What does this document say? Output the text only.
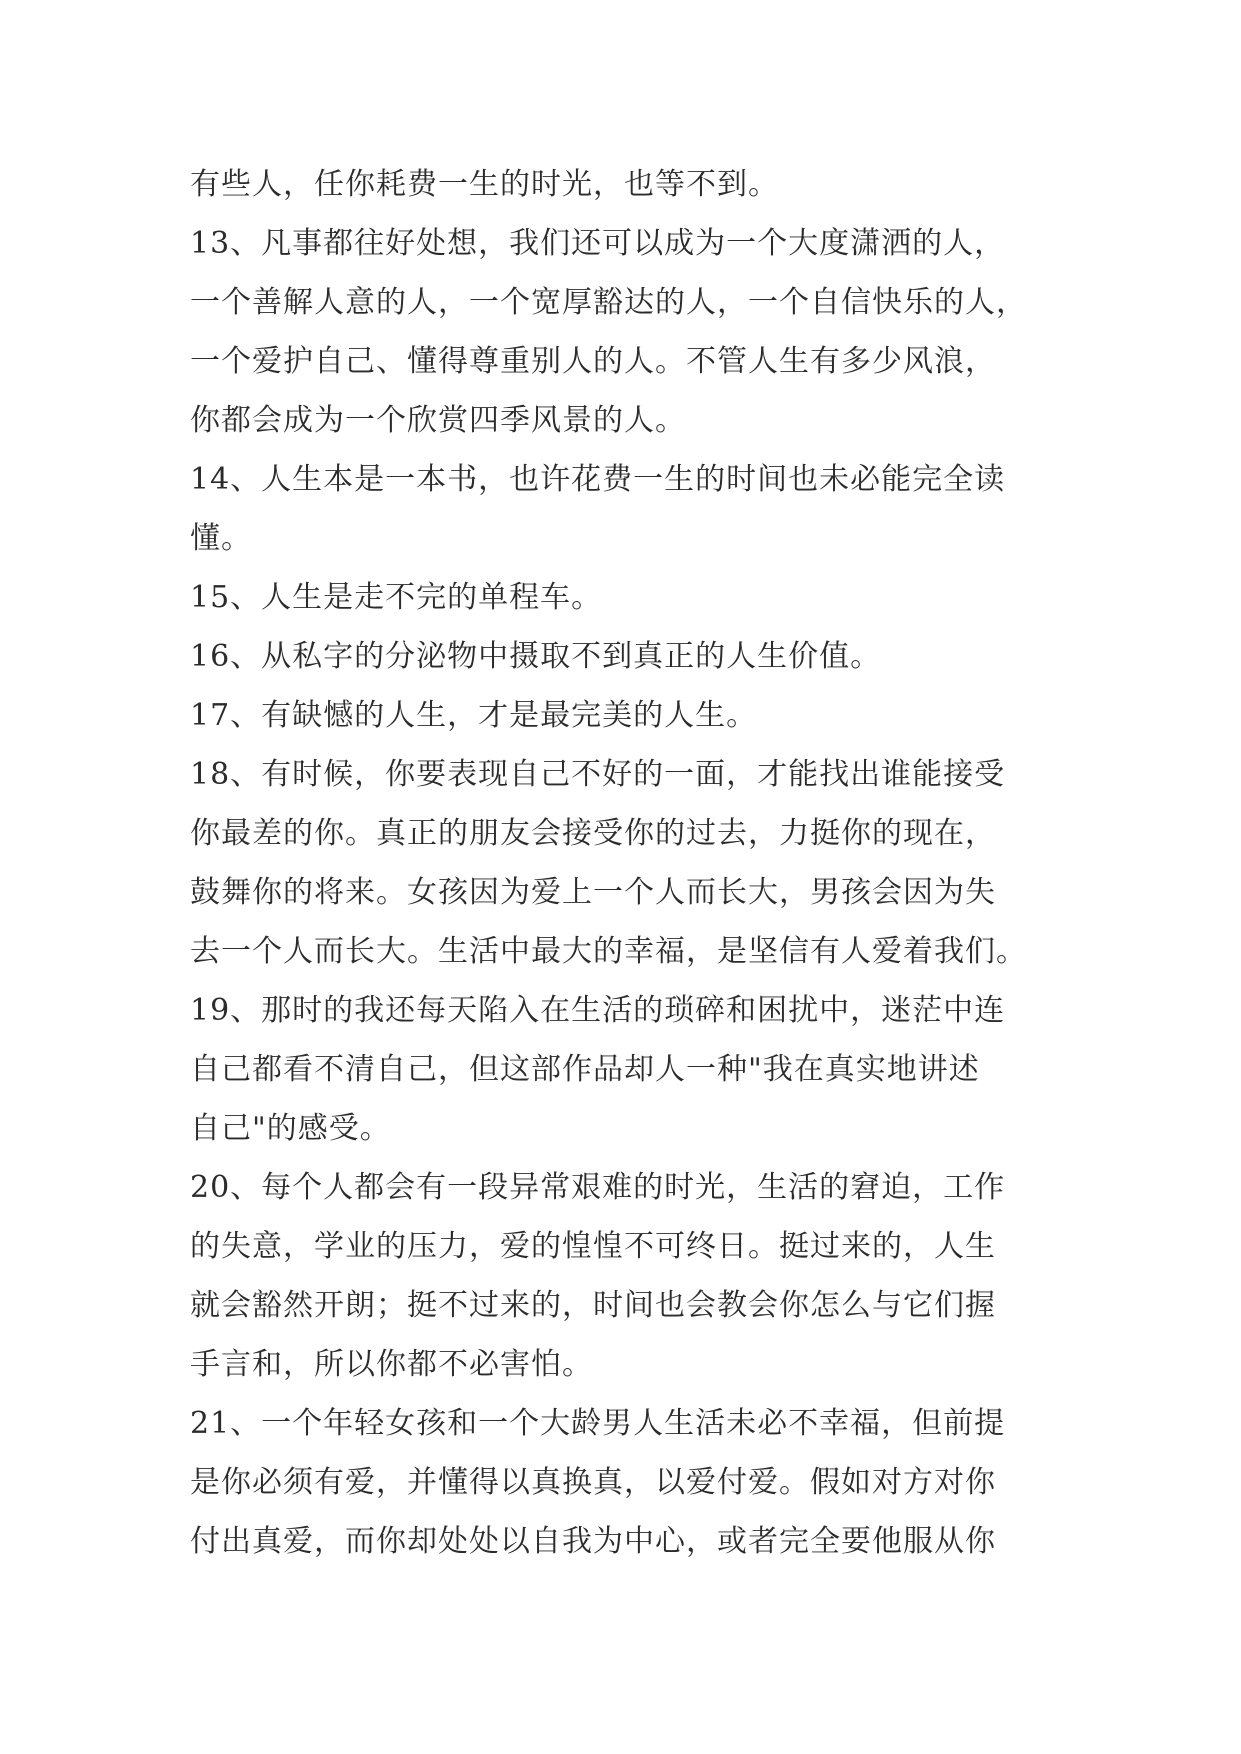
有些人，任你耗费一生的时光，也等不到。
13、凡事都往好处想，我们还可以成为一个大度潇洒的人，
一个善解人意的人，一个宽厚豁达的人，一个自信快乐的人，
一个爱护自己、懂得尊重别人的人。不管人生有多少风浪，
你都会成为一个欣赏四季风景的人。
14、人生本是一本书，也许花费一生的时间也未必能完全读
懂。
15、人生是走不完的单程车。
16、从私字的分泌物中摄取不到真正的人生价值。
17、有缺憾的人生，才是最完美的人生。
18、有时候，你要表现自己不好的一面，才能找出谁能接受
你最差的你。真正的朋友会接受你的过去，力挺你的现在，
鼓舞你的将来。女孩因为爱上一个人而长大，男孩会因为失
去一个人而长大。生活中最大的幸福，是坚信有人爱着我们。
19、那时的我还每天陷入在生活的琐碎和困扰中，迷茫中连
自己都看不清自己，但这部作品却人一种"我在真实地讲述
自己"的感受。
20、每个人都会有一段异常艰难的时光，生活的窘迫，工作
的失意，学业的压力，爱的惶惶不可终日。挺过来的，人生
就会豁然开朗；挺不过来的，时间也会教会你怎么与它们握
手言和，所以你都不必害怕。
21、一个年轻女孩和一个大龄男人生活未必不幸福，但前提
是你必须有爱，并懂得以真换真，以爱付爱。假如对方对你
付出真爱，而你却处处以自我为中心，或者完全要他服从你
